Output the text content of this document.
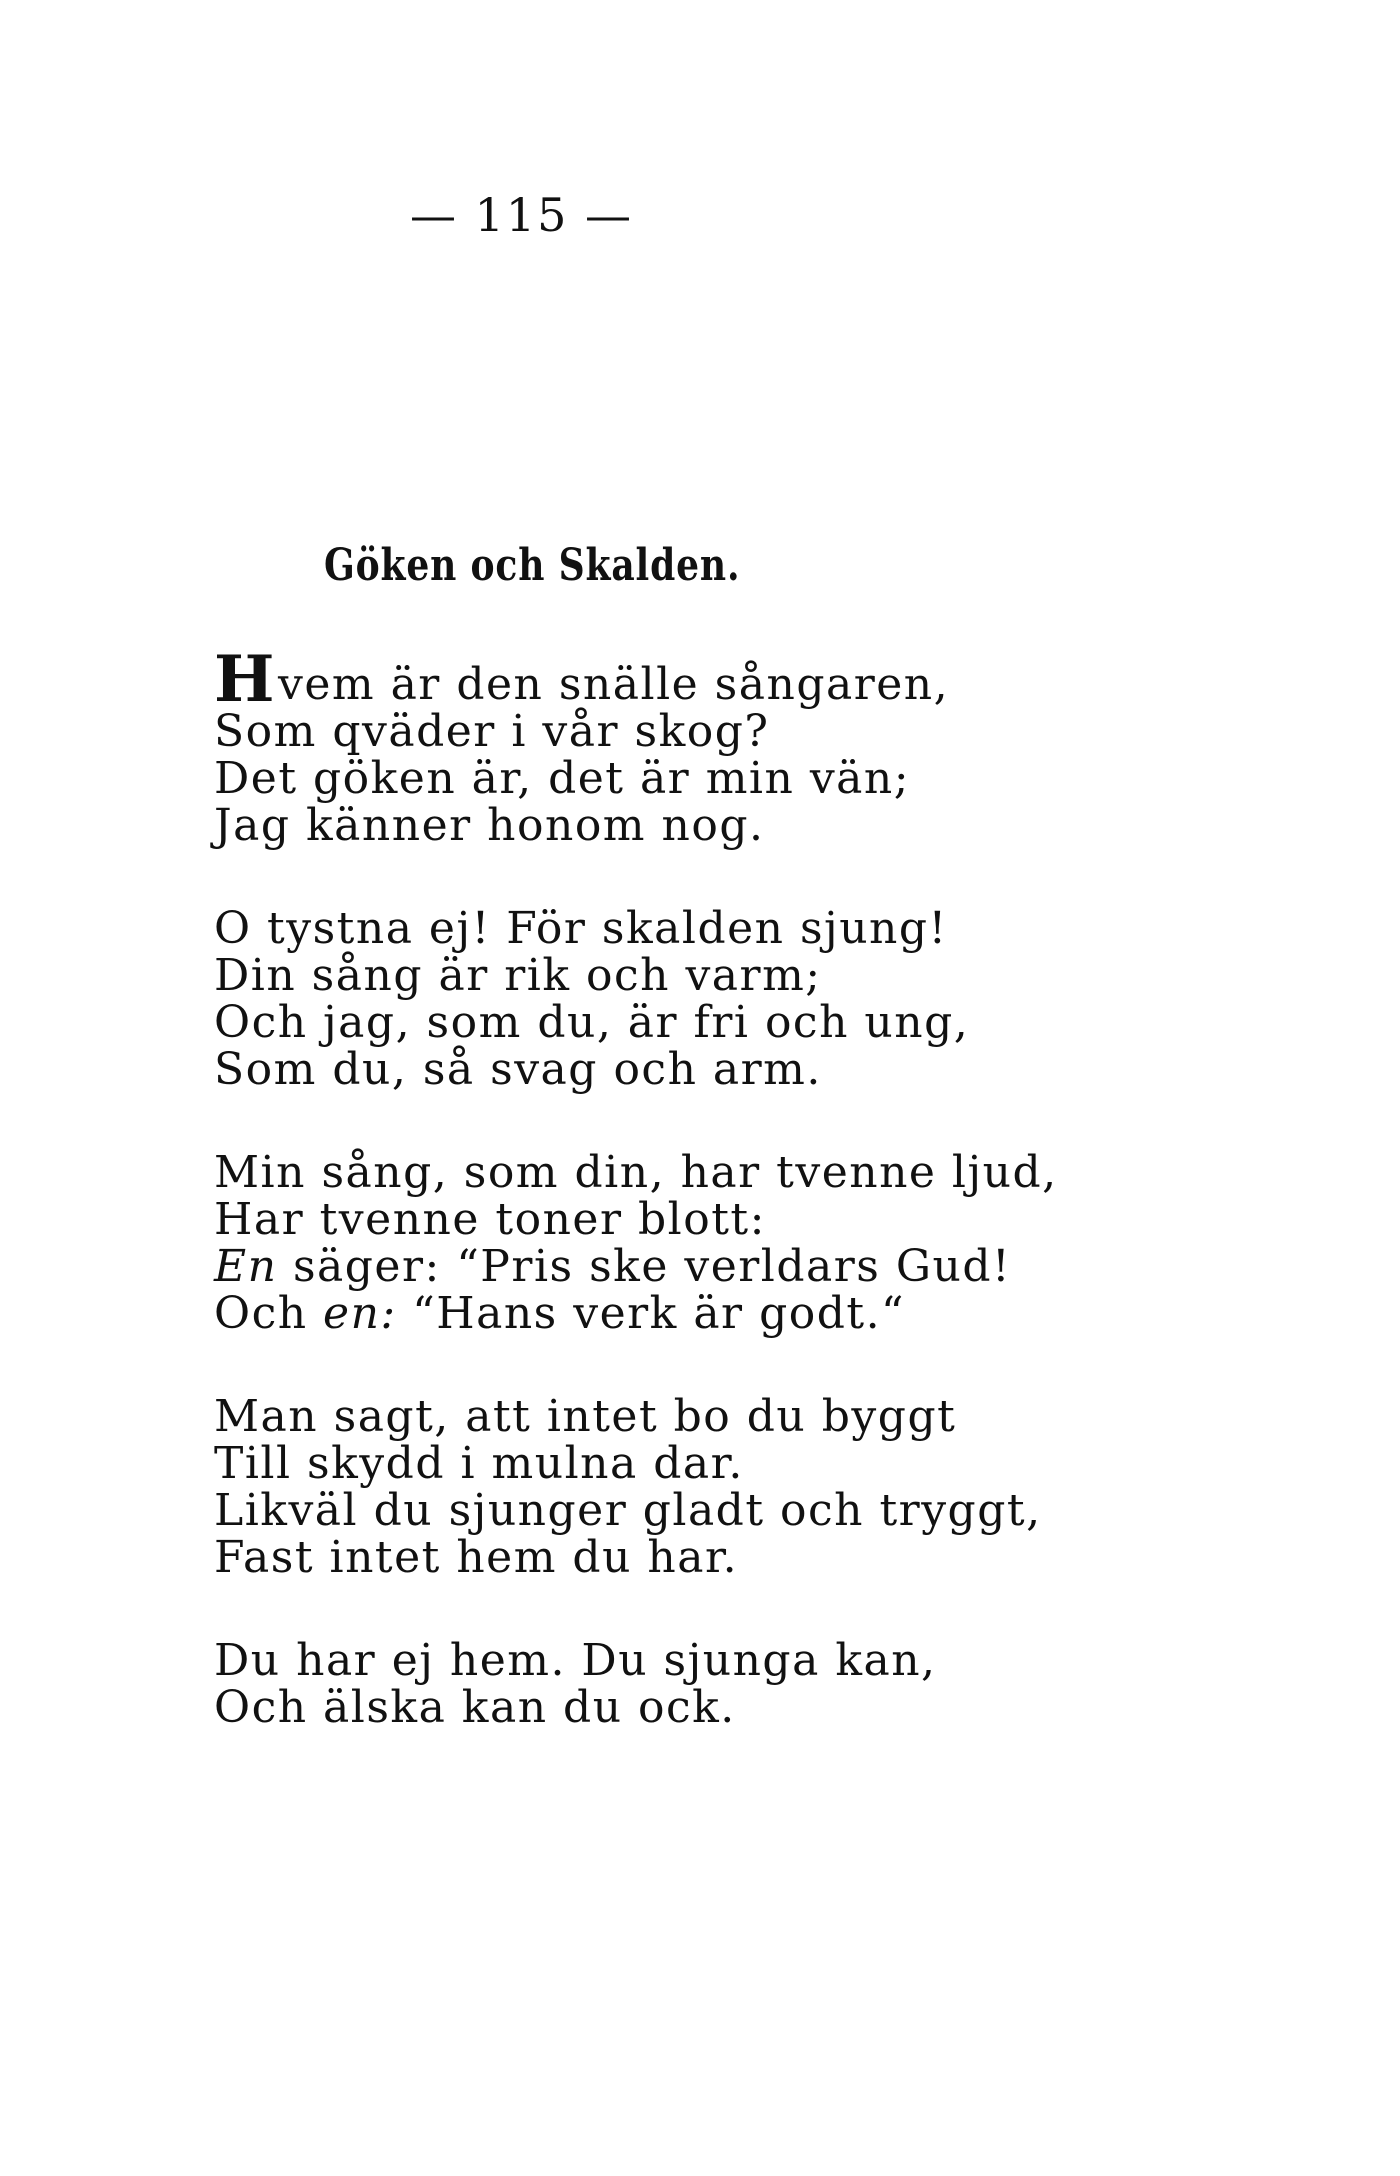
— 115 —
Göken och Skalden.
Hvem är den snälle sångaren,
Som qväder i vår skog?
Det göken är, det är min vän;
Jag känner honom nog.
O tystna ej! För skalden sjung!
Din sång är rik och varm;
Och jag, som du, är fri och ung,
Som du, så svag och arm.
Min sång, som din, har tvenne ljud,
Har tvenne toner blott:
En säger: “Pris ske verldars Gud!
Och en: “Hans verk är godt.“
Man sagt, att intet bo du byggt
Till skydd i mulna dar.
Likväl du sjunger gladt och tryggt,
Fast intet hem du har.
Du har ej hem. Du sjunga kan,
Och älska kan du ock.
